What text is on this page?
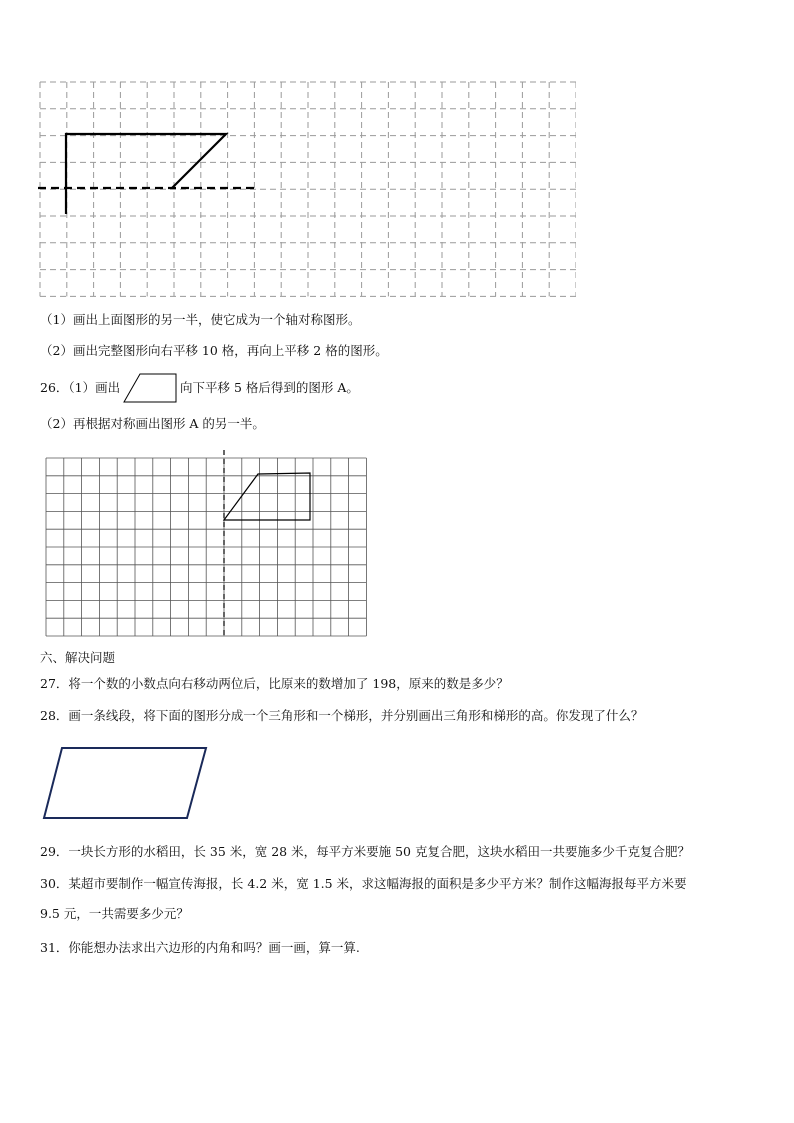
（1）画出上面图形的另一半，使它成为一个轴对称图形。
（2）画出完整图形向右平移 10 格，再向上平移 2 格的图形。
26．（1）画出	向下平移 5 格后得到的图形 A。
（2）再根据对称画出图形 A 的另一半。
六、解决问题
27．将一个数的小数点向右移动两位后，比原来的数增加了 198，原来的数是多少？
28．画一条线段，将下面的图形分成一个三角形和一个梯形，并分别画出三角形和梯形的高。你发现了什么？
29．一块长方形的水稻田，长 35 米，宽 28 米，每平方米要施 50 克复合肥，这块水稻田一共要施多少千克复合肥？
30．某超市要制作一幅宣传海报，长 4.2 米，宽 1.5 米，求这幅海报的面积是多少平方米？制作这幅海报每平方米要
9.5 元，一共需要多少元？
31．你能想办法求出六边形的内角和吗？画一画，算一算.
